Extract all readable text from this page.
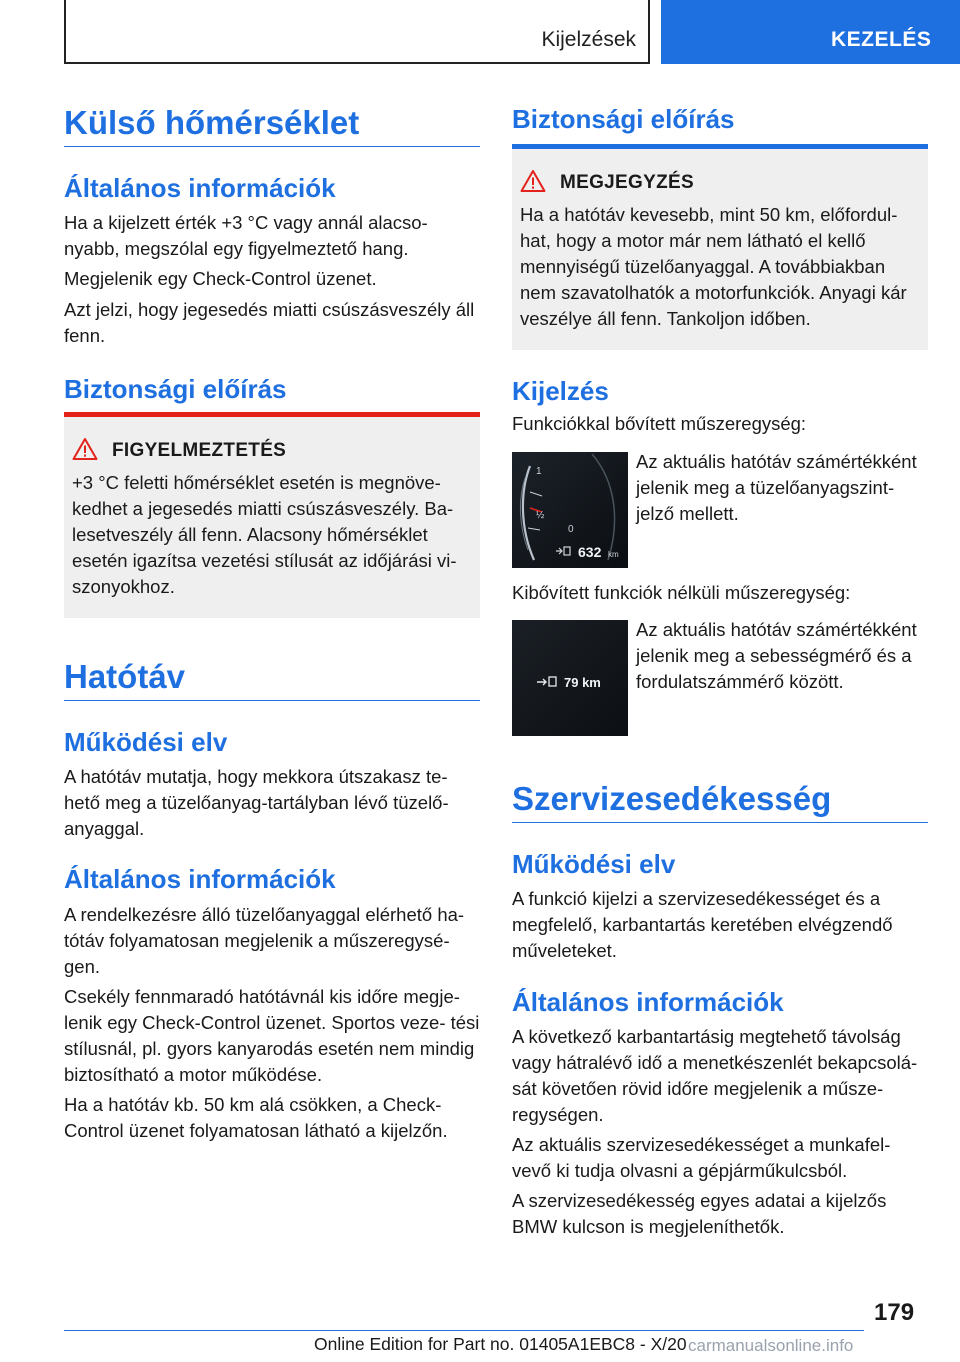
Kijelzések	KEZELÉS
Külső hőmérséklet
Általános információk

Ha a kijelzett érték +3 °C vagy annál alacso‐ nyabb, megszólal egy figyelmeztető hang.

Megjelenik egy Check-Control üzenet.

Azt jelzi, hogy jegesedés miatti csúszásveszély áll fenn.

Biztonsági előírás
FIGYELMEZTETÉS
+3 °C feletti hőmérséklet esetén is megnöve‐ kedhet a jegesedés miatti csúszásveszély. Ba‐ lesetveszély áll fenn. Alacsony hőmérséklet esetén igazítsa vezetési stílusát az időjárási vi‐ szonyokhoz.
Hatótáv
Működési elv

A hatótáv mutatja, hogy mekkora útszakasz te‐ hető meg a tüzelőanyag-tartályban lévő tüzelő‐ anyaggal.

Általános információk

A rendelkezésre álló tüzelőanyaggal elérhető ha‐ tótáv folyamatosan megjelenik a műszeregysé‐ gen.

Csekély fennmaradó hatótávnál kis időre megje‐ lenik egy Check-Control üzenet. Sportos veze‐ tési stílusnál, pl. gyors kanyarodás esetén nem mindig biztosítható a motor működése.

Ha a hatótáv kb. 50 km alá csökken, a Check- Control üzenet folyamatosan látható a kijelzőn.

Biztonsági előírás
MEGJEGYZÉS
Ha a hatótáv kevesebb, mint 50 km, előfordul‐ hat, hogy a motor már nem látható el kellő mennyiségű tüzelőanyaggal. A továbbiakban nem szavatolhatók a motorfunkciók. Anyagi kár veszélye áll fenn. Tankoljon időben.
Kijelzés

Funkciókkal bővített műszeregység:

1
½
0
632 km

Az aktuális hatótáv számértékként jelenik meg a tüzelőanyagszint- jelző mellett.

Kibővített funkciók nélküli műszeregység:

79 km

Az aktuális hatótáv számértékként jelenik meg a sebességmérő és a fordulatszámmérő között.

Szervizesedékesség
Működési elv

A funkció kijelzi a szervizesedékességet és a megfelelő, karbantartás keretében elvégzendő műveleteket.

Általános információk

A következő karbantartásig megtehető távolság vagy hátralévő idő a menetkészenlét bekapcsolá‐ sát követően rövid időre megjelenik a műsze‐ regységen.

Az aktuális szervizesedékességet a munkafel‐ vevő ki tudja olvasni a gépjárműkulcsból.

A szervizesedékesség egyes adatai a kijelzős BMW kulcson is megjeleníthetők.

179
Online Edition for Part no. 01405A1EBC8 - X/20 carmanualsonline.info
